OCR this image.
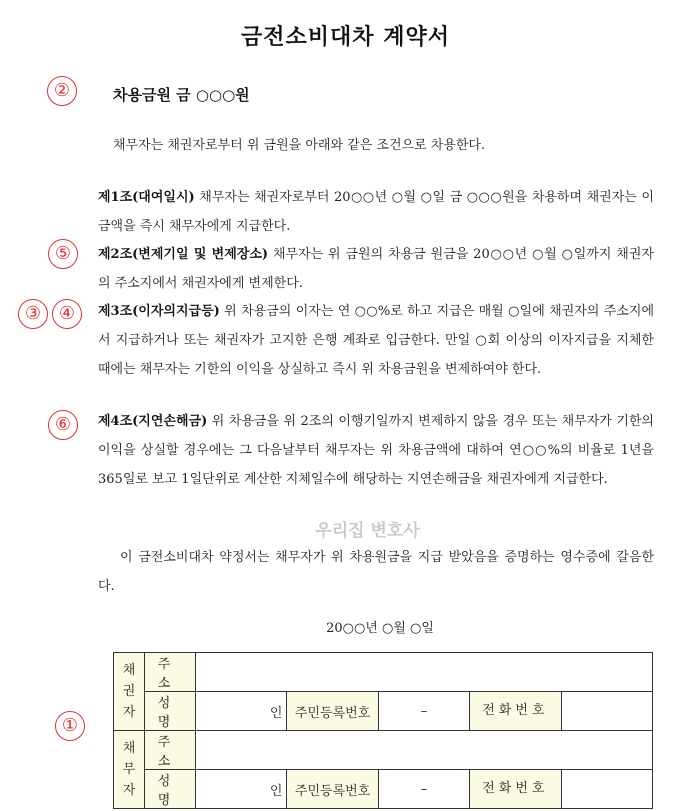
금전소비대차 계약서
②	차용금원 금 ○○○원
채무자는 채권자로부터 위 금원을 아래와 같은 조건으로 차용한다.
제1조(대여일시) 채무자는 채권자로부터 20○○년 ○월 ○일 금 ○○○원을 차용하며 채권자는 이 금액을 즉시 채무자에게 지급한다.
⑤	제2조(변제기일 및 변제장소) 채무자는 위 금원의 차용금 원금을 20○○년 ○월 ○일까지 채권자의 주소지에서 채권자에게 변제한다.
③ ④	제3조(이자의지급등) 위 차용금의 이자는 연 ○○%로 하고 지급은 매월 ○일에 채권자의 주소지에서 지급하거나 또는 채권자가 고지한 은행 계좌로 입금한다. 만일 ○회 이상의 이자지급을 지체한 때에는 채무자는 기한의 이익을 상실하고 즉시 위 차용금원을 변제하여야 한다.
⑥	제4조(지연손해금) 위 차용금을 위 2조의 이행기일까지 변제하지 않을 경우 또는 채무자가 기한의 이익을 상실할 경우에는 그 다음날부터 채무자는 위 차용금액에 대하여 연○○%의 비율로 1년을 365일로 보고 1일단위로 계산한 지체일수에 해당하는 지연손해금을 채권자에게 지급한다.
우리집 변호사
이 금전소비대차 약정서는 채무자가 위 차용원금을 지급 받았음을 증명하는 영수증에 갈음한다.
20○○년 ○월 ○일
①
채권자	주소					
	성명	인	주민등록번호	–	전화번호	
채무자	주소					
	성명	인	주민등록번호	–	전화번호	
